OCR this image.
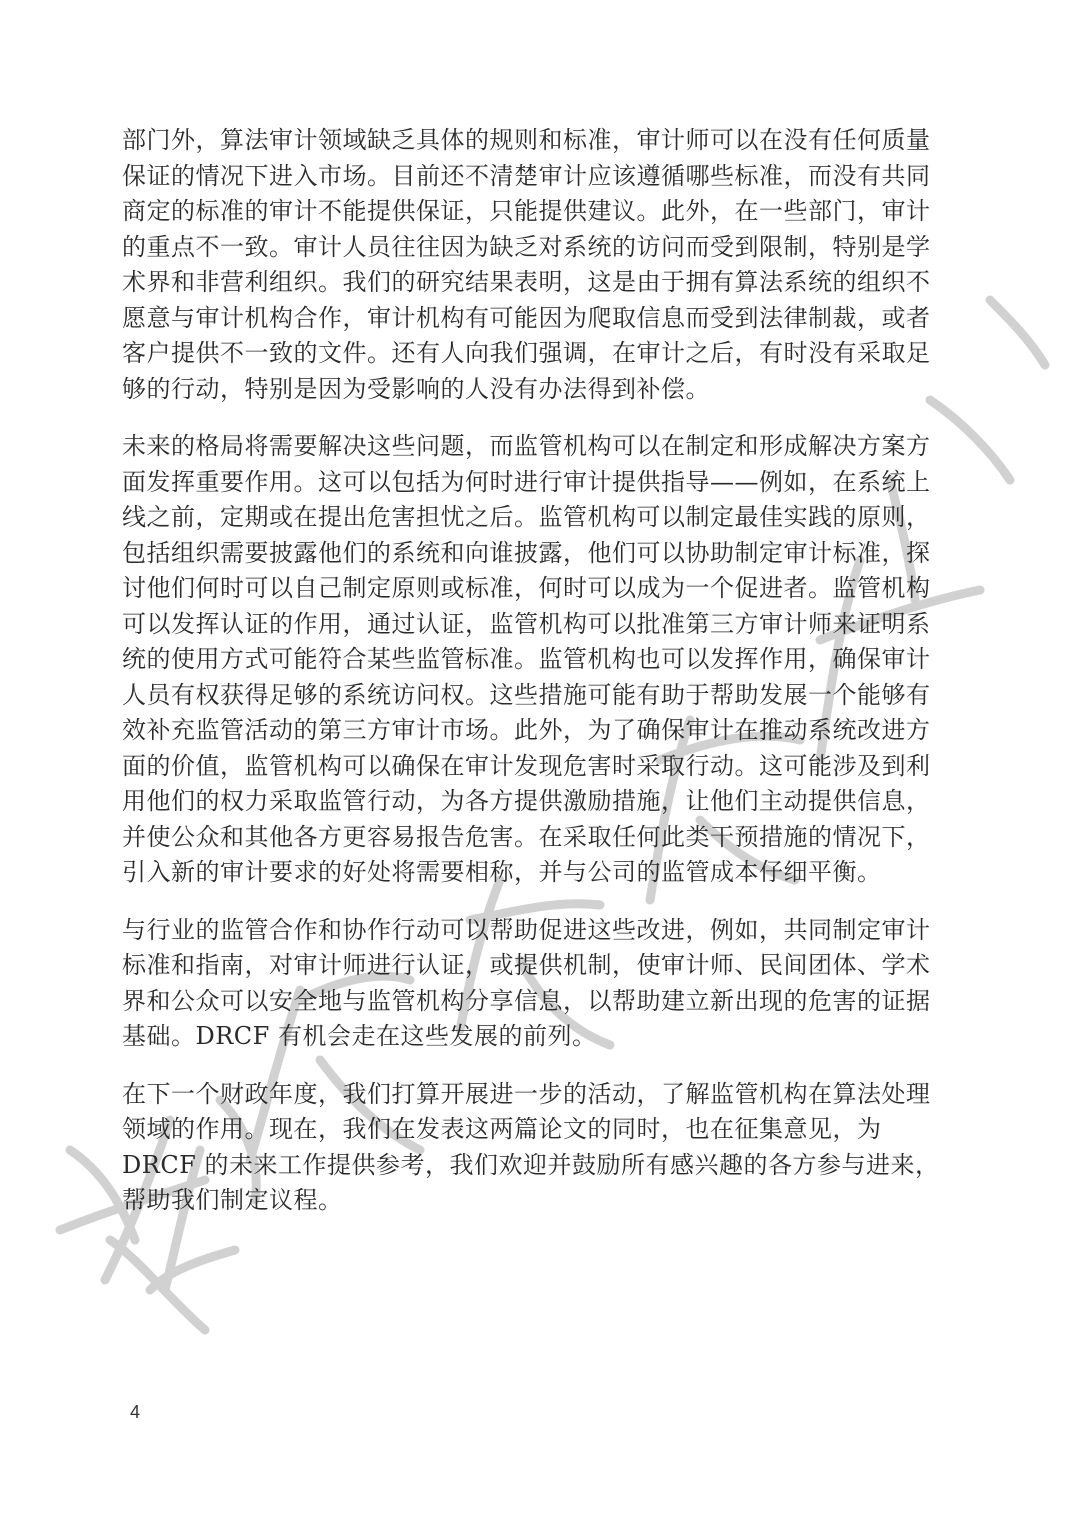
部门外，算法审计领域缺乏具体的规则和标准，审计师可以在没有任何质量
保证的情况下进入市场。目前还不清楚审计应该遵循哪些标准，而没有共同
商定的标准的审计不能提供保证，只能提供建议。此外，在一些部门，审计
的重点不一致。审计人员往往因为缺乏对系统的访问而受到限制，特别是学
术界和非营利组织。我们的研究结果表明，这是由于拥有算法系统的组织不
愿意与审计机构合作，审计机构有可能因为爬取信息而受到法律制裁，或者
客户提供不一致的文件。还有人向我们强调，在审计之后，有时没有采取足
够的行动，特别是因为受影响的人没有办法得到补偿。

未来的格局将需要解决这些问题，而监管机构可以在制定和形成解决方案方
面发挥重要作用。这可以包括为何时进行审计提供指导——例如，在系统上
线之前，定期或在提出危害担忧之后。监管机构可以制定最佳实践的原则，
包括组织需要披露他们的系统和向谁披露，他们可以协助制定审计标准，探
讨他们何时可以自己制定原则或标准，何时可以成为一个促进者。监管机构
可以发挥认证的作用，通过认证，监管机构可以批准第三方审计师来证明系
统的使用方式可能符合某些监管标准。监管机构也可以发挥作用，确保审计
人员有权获得足够的系统访问权。这些措施可能有助于帮助发展一个能够有
效补充监管活动的第三方审计市场。此外，为了确保审计在推动系统改进方
面的价值，监管机构可以确保在审计发现危害时采取行动。这可能涉及到利
用他们的权力采取监管行动，为各方提供激励措施，让他们主动提供信息，
并使公众和其他各方更容易报告危害。在采取任何此类干预措施的情况下，
引入新的审计要求的好处将需要相称，并与公司的监管成本仔细平衡。

与行业的监管合作和协作行动可以帮助促进这些改进，例如，共同制定审计
标准和指南，对审计师进行认证，或提供机制，使审计师、民间团体、学术
界和公众可以安全地与监管机构分享信息，以帮助建立新出现的危害的证据
基础。DRCF 有机会走在这些发展的前列。

在下一个财政年度，我们打算开展进一步的活动，了解监管机构在算法处理
领域的作用。现在，我们在发表这两篇论文的同时，也在征集意见，为
DRCF 的未来工作提供参考，我们欢迎并鼓励所有感兴趣的各方参与进来，
帮助我们制定议程。

4
